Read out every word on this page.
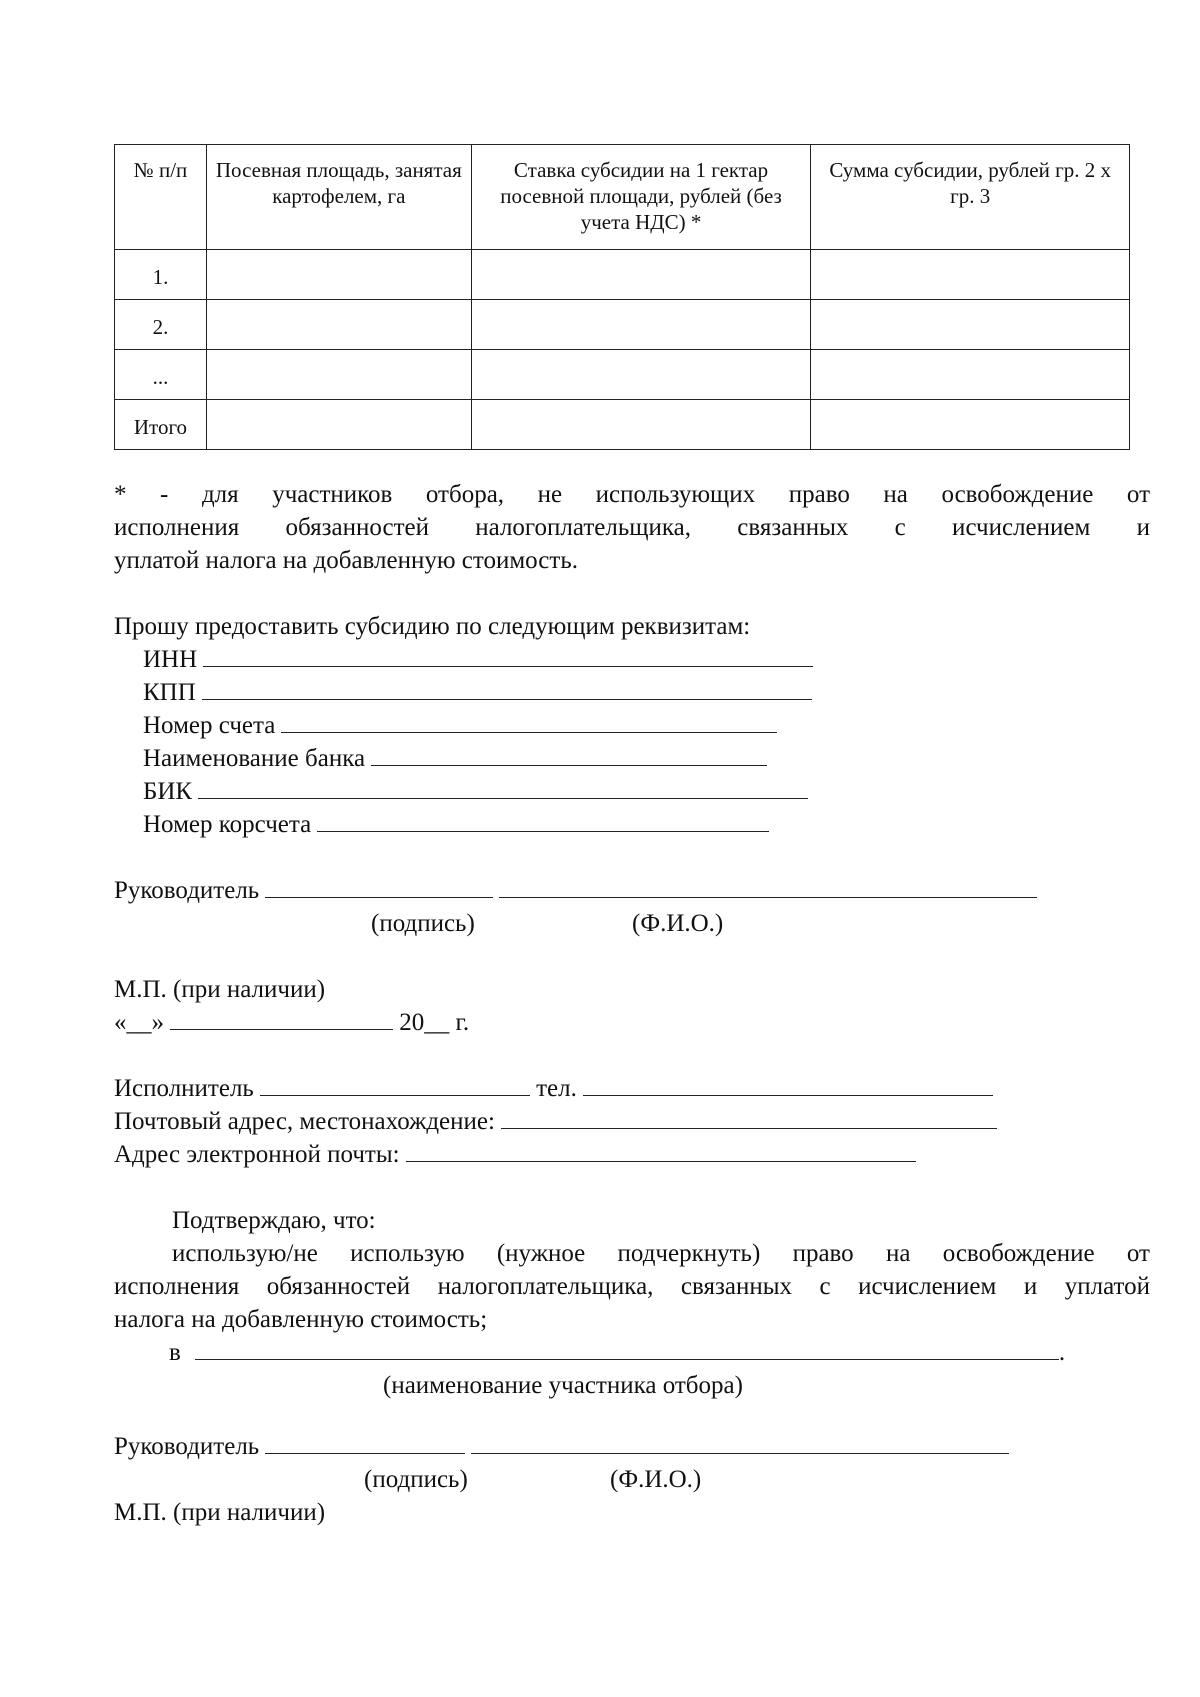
№ п/п	Посевная площадь, занятая картофелем, га	Ставка субсидии на 1 гектар посевной площади, рублей (без учета НДС) *	Сумма субсидии, рублей гр. 2 х гр. 3
1.			
2.			
...			
Итого			
* - для участников отбора, не использующих право на освобождение от
исполнения обязанностей налогоплательщика, связанных с исчислением и
уплатой налога на добавленную стоимость.
Прошу предоставить субсидию по следующим реквизитам:
ИНН
КПП
Номер счета
Наименование банка
БИК
Номер корсчета
Руководитель
(подпись)	(Ф.И.О.)
М.П. (при наличии)
«__»	20__ г.
Исполнитель	тел.
Почтовый адрес, местонахождение:
Адрес электронной почты:
Подтверждаю, что:
использую/не использую (нужное подчеркнуть) право на освобождение от
исполнения обязанностей налогоплательщика, связанных с исчислением и уплатой
налога на добавленную стоимость;
в	.
(наименование участника отбора)
Руководитель
(подпись)	(Ф.И.О.)
М.П. (при наличии)
